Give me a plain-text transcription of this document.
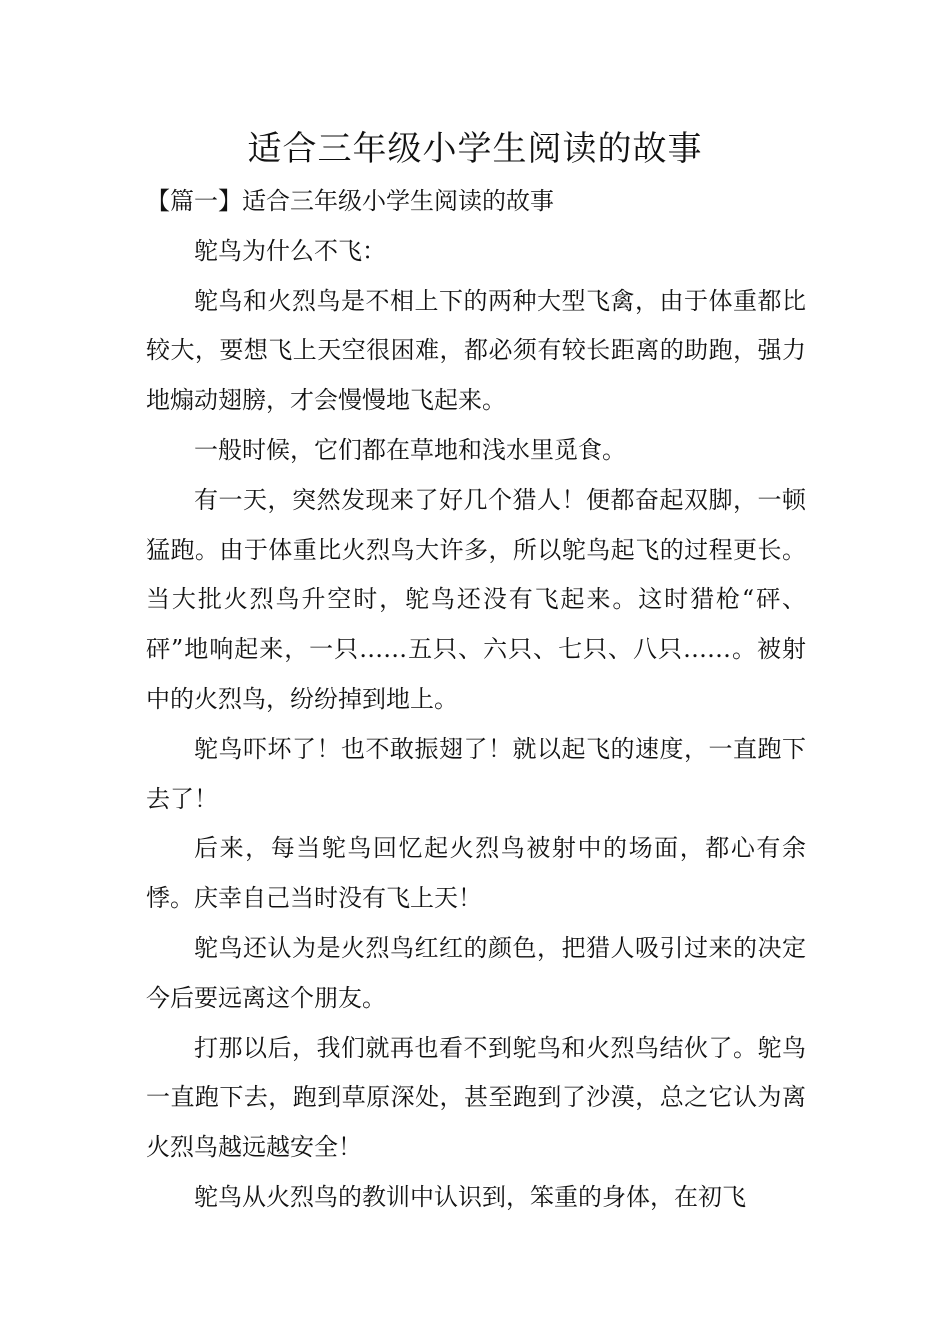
适合三年级小学生阅读的故事

【篇一】适合三年级小学生阅读的故事

鸵鸟为什么不飞：

鸵鸟和火烈鸟是不相上下的两种大型飞禽，由于体重都比较大，要想飞上天空很困难，都必须有较长距离的助跑，强力地煽动翅膀，才会慢慢地飞起来。

一般时候，它们都在草地和浅水里觅食。

有一天，突然发现来了好几个猎人！便都奋起双脚，一顿猛跑。由于体重比火烈鸟大许多，所以鸵鸟起飞的过程更长。当大批火烈鸟升空时，鸵鸟还没有飞起来。这时猎枪“砰、砰”地响起来，一只……五只、六只、七只、八只……。被射中的火烈鸟，纷纷掉到地上。

鸵鸟吓坏了！也不敢振翅了！就以起飞的速度，一直跑下去了！

后来，每当鸵鸟回忆起火烈鸟被射中的场面，都心有余悸。庆幸自己当时没有飞上天！

鸵鸟还认为是火烈鸟红红的颜色，把猎人吸引过来的决定今后要远离这个朋友。

打那以后，我们就再也看不到鸵鸟和火烈鸟结伙了。鸵鸟一直跑下去，跑到草原深处，甚至跑到了沙漠，总之它认为离火烈鸟越远越安全！

鸵鸟从火烈鸟的教训中认识到，笨重的身体，在初飞
